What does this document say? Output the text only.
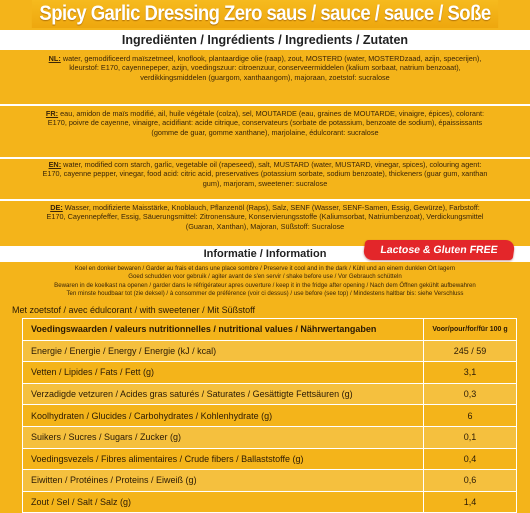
Spicy Garlic Dressing Zero saus / sauce / sauce / Soße
Ingrediënten / Ingrédients / Ingredients / Zutaten
NL: water, gemodificeerd maïszetmeel, knoflook, plantaardige olie (raap), zout, MOSTERD (water, MOSTERDzaad, azijn, specerijen), kleurstof: E170, cayennepeper, azijn, voedingszuur: citroenzuur, conserveermiddelen (kalium sorbaat, natrium benzoaat), verdikkingsmiddelen (guargom, xanthaangom), majoraan, zoetstof: sucralose
FR: eau, amidon de maïs modifié, ail, huile végétale (colza), sel, MOUTARDE (eau, graines de MOUTARDE, vinaigre, épices), colorant: E170, poivre de cayenne, vinaigre, acidifiant: acide citrique, conservateurs (sorbate de potassium, benzoate de sodium), épaississants (gomme de guar, gomme xanthane), marjolaine, édulcorant: sucralose
EN: water, modified corn starch, garlic, vegetable oil (rapeseed), salt, MUSTARD (water, MUSTARD, vinegar, spices), colouring agent: E170, cayenne pepper, vinegar, food acid: citric acid, preservatives (potassium sorbate, sodium benzoate), thickeners (guar gum, xanthan gum), marjoram, sweetener: sucralose
DE: Wasser, modifizierte Maisstärke, Knoblauch, Pflanzenöl (Raps), Salz, SENF (Wasser, SENF-Samen, Essig, Gewürze), Farbstoff: E170, Cayennepfeffer, Essig, Säuerungsmittel: Zitronensäure, Konservierungsstoffe (Kaliumsorbat, Natriumbenzoat), Verdickungsmittel (Guaran, Xanthan), Majoran, Süßstoff: Sucralose
Informatie / Information	Lactose & Gluten FREE
Koel en donker bewaren / Garder au frais et dans une place sombre / Preserve it cool and in the dark / Kühl und an einem dunklen Ort lagern
Goed schudden voor gebruik / agiter avant de s'en servir / shake before use / Vor Gebrauch schütteln
Bewaren in de koelkast na openen / garder dans le réfrigérateur apres ouverture / keep it in the fridge after opening / Nach dem Öffnen gekühlt aufbewahren
Ten minste houdbaar tot (zie deksel) / à consommer de préférence (voir ci dessus) / use before (see top) / Mindestens haltbar bis: siehe Verschluss
Met zoetstof / avec édulcorant / with sweetener / Mit Süßstoff
Voedingswaarden / valeurs nutritionnelles / nutritional values / Nährwertangaben	Voor/pour/for/für 100 g
Energie / Energie / Energy / Energie (kJ / kcal)	245 / 59
Vetten / Lipides / Fats / Fett (g)	3,1
Verzadigde vetzuren / Acides gras saturés / Saturates / Gesättigte Fettsäuren (g)	0,3
Koolhydraten / Glucides / Carbohydrates / Kohlenhydrate (g)	6
Suikers / Sucres / Sugars / Zucker (g)	0,1
Voedingsvezels / Fibres alimentaires / Crude fibers / Ballaststoffe (g)	0,4
Eiwitten / Protéines / Proteins / Eiweiß (g)	0,6
Zout / Sel / Salt / Salz (g)	1,4
